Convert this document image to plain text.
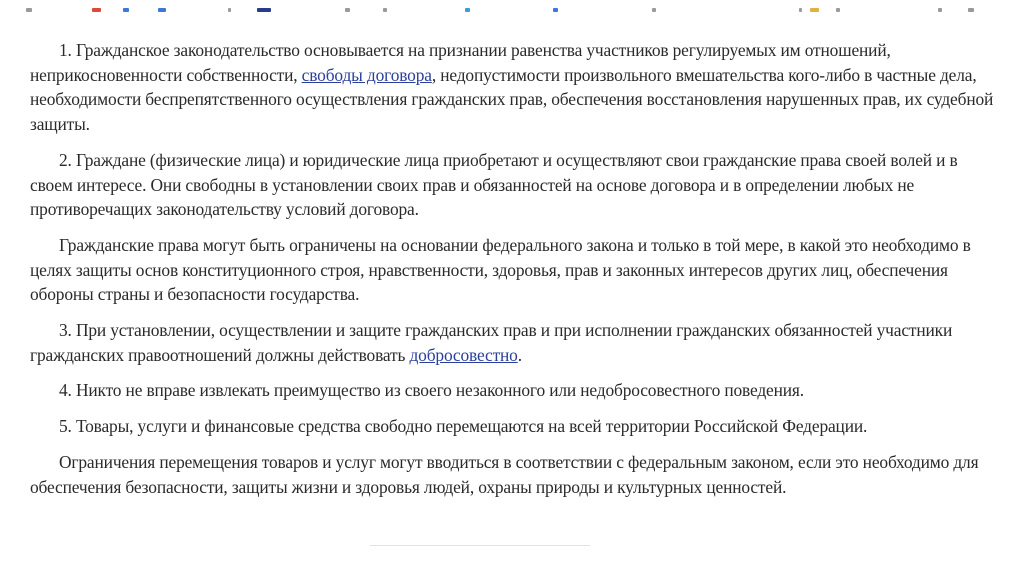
1. Гражданское законодательство основывается на признании равенства участников регулируемых им отношений, неприкосновенности собственности, свободы договора, недопустимости произвольного вмешательства кого-либо в частные дела, необходимости беспрепятственного осуществления гражданских прав, обеспечения восстановления нарушенных прав, их судебной защиты.

2. Граждане (физические лица) и юридические лица приобретают и осуществляют свои гражданские права своей волей и в своем интересе. Они свободны в установлении своих прав и обязанностей на основе договора и в определении любых не противоречащих законодательству условий договора.

Гражданские права могут быть ограничены на основании федерального закона и только в той мере, в какой это необходимо в целях защиты основ конституционного строя, нравственности, здоровья, прав и законных интересов других лиц, обеспечения обороны страны и безопасности государства.

3. При установлении, осуществлении и защите гражданских прав и при исполнении гражданских обязанностей участники гражданских правоотношений должны действовать добросовестно.

4. Никто не вправе извлекать преимущество из своего незаконного или недобросовестного поведения.

5. Товары, услуги и финансовые средства свободно перемещаются на всей территории Российской Федерации.

Ограничения перемещения товаров и услуг могут вводиться в соответствии с федеральным законом, если это необходимо для обеспечения безопасности, защиты жизни и здоровья людей, охраны природы и культурных ценностей.
